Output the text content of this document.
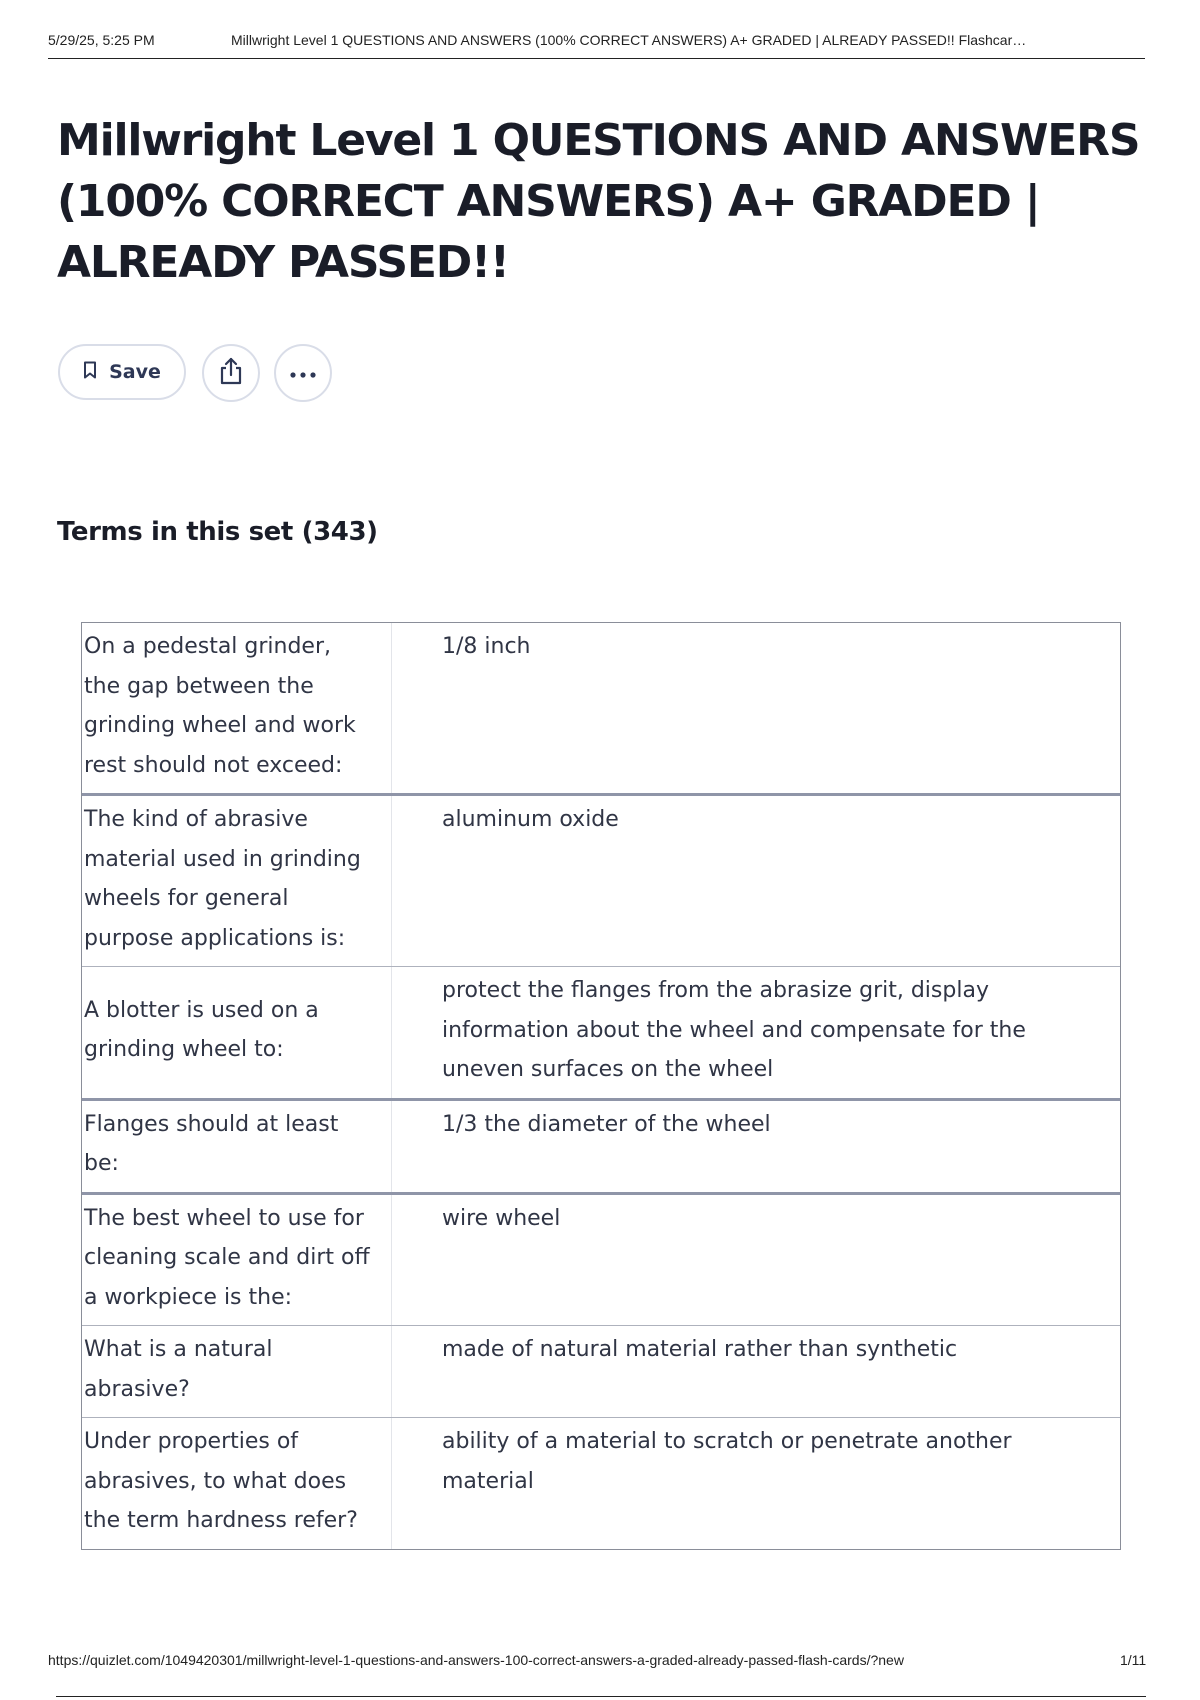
5/29/25, 5:25 PM	Millwright Level 1 QUESTIONS AND ANSWERS (100% CORRECT ANSWERS) A+ GRADED | ALREADY PASSED!! Flashcar…
Millwright Level 1 QUESTIONS AND ANSWERS (100% CORRECT ANSWERS) A+ GRADED | ALREADY PASSED!!
Save
Terms in this set (343)
On a pedestal grinder, the gap between the grinding wheel and work rest should not exceed:
1/8 inch
The kind of abrasive material used in grinding wheels for general purpose applications is:
aluminum oxide
A blotter is used on a grinding wheel to:
protect the flanges from the abrasize grit, display information about the wheel and compensate for the uneven surfaces on the wheel
Flanges should at least be:
1/3 the diameter of the wheel
The best wheel to use for cleaning scale and dirt off a workpiece is the:
wire wheel
What is a natural abrasive?
made of natural material rather than synthetic
Under properties of abrasives, to what does the term hardness refer?
ability of a material to scratch or penetrate another material
https://quizlet.com/1049420301/millwright-level-1-questions-and-answers-100-correct-answers-a-graded-already-passed-flash-cards/?new	1/11
